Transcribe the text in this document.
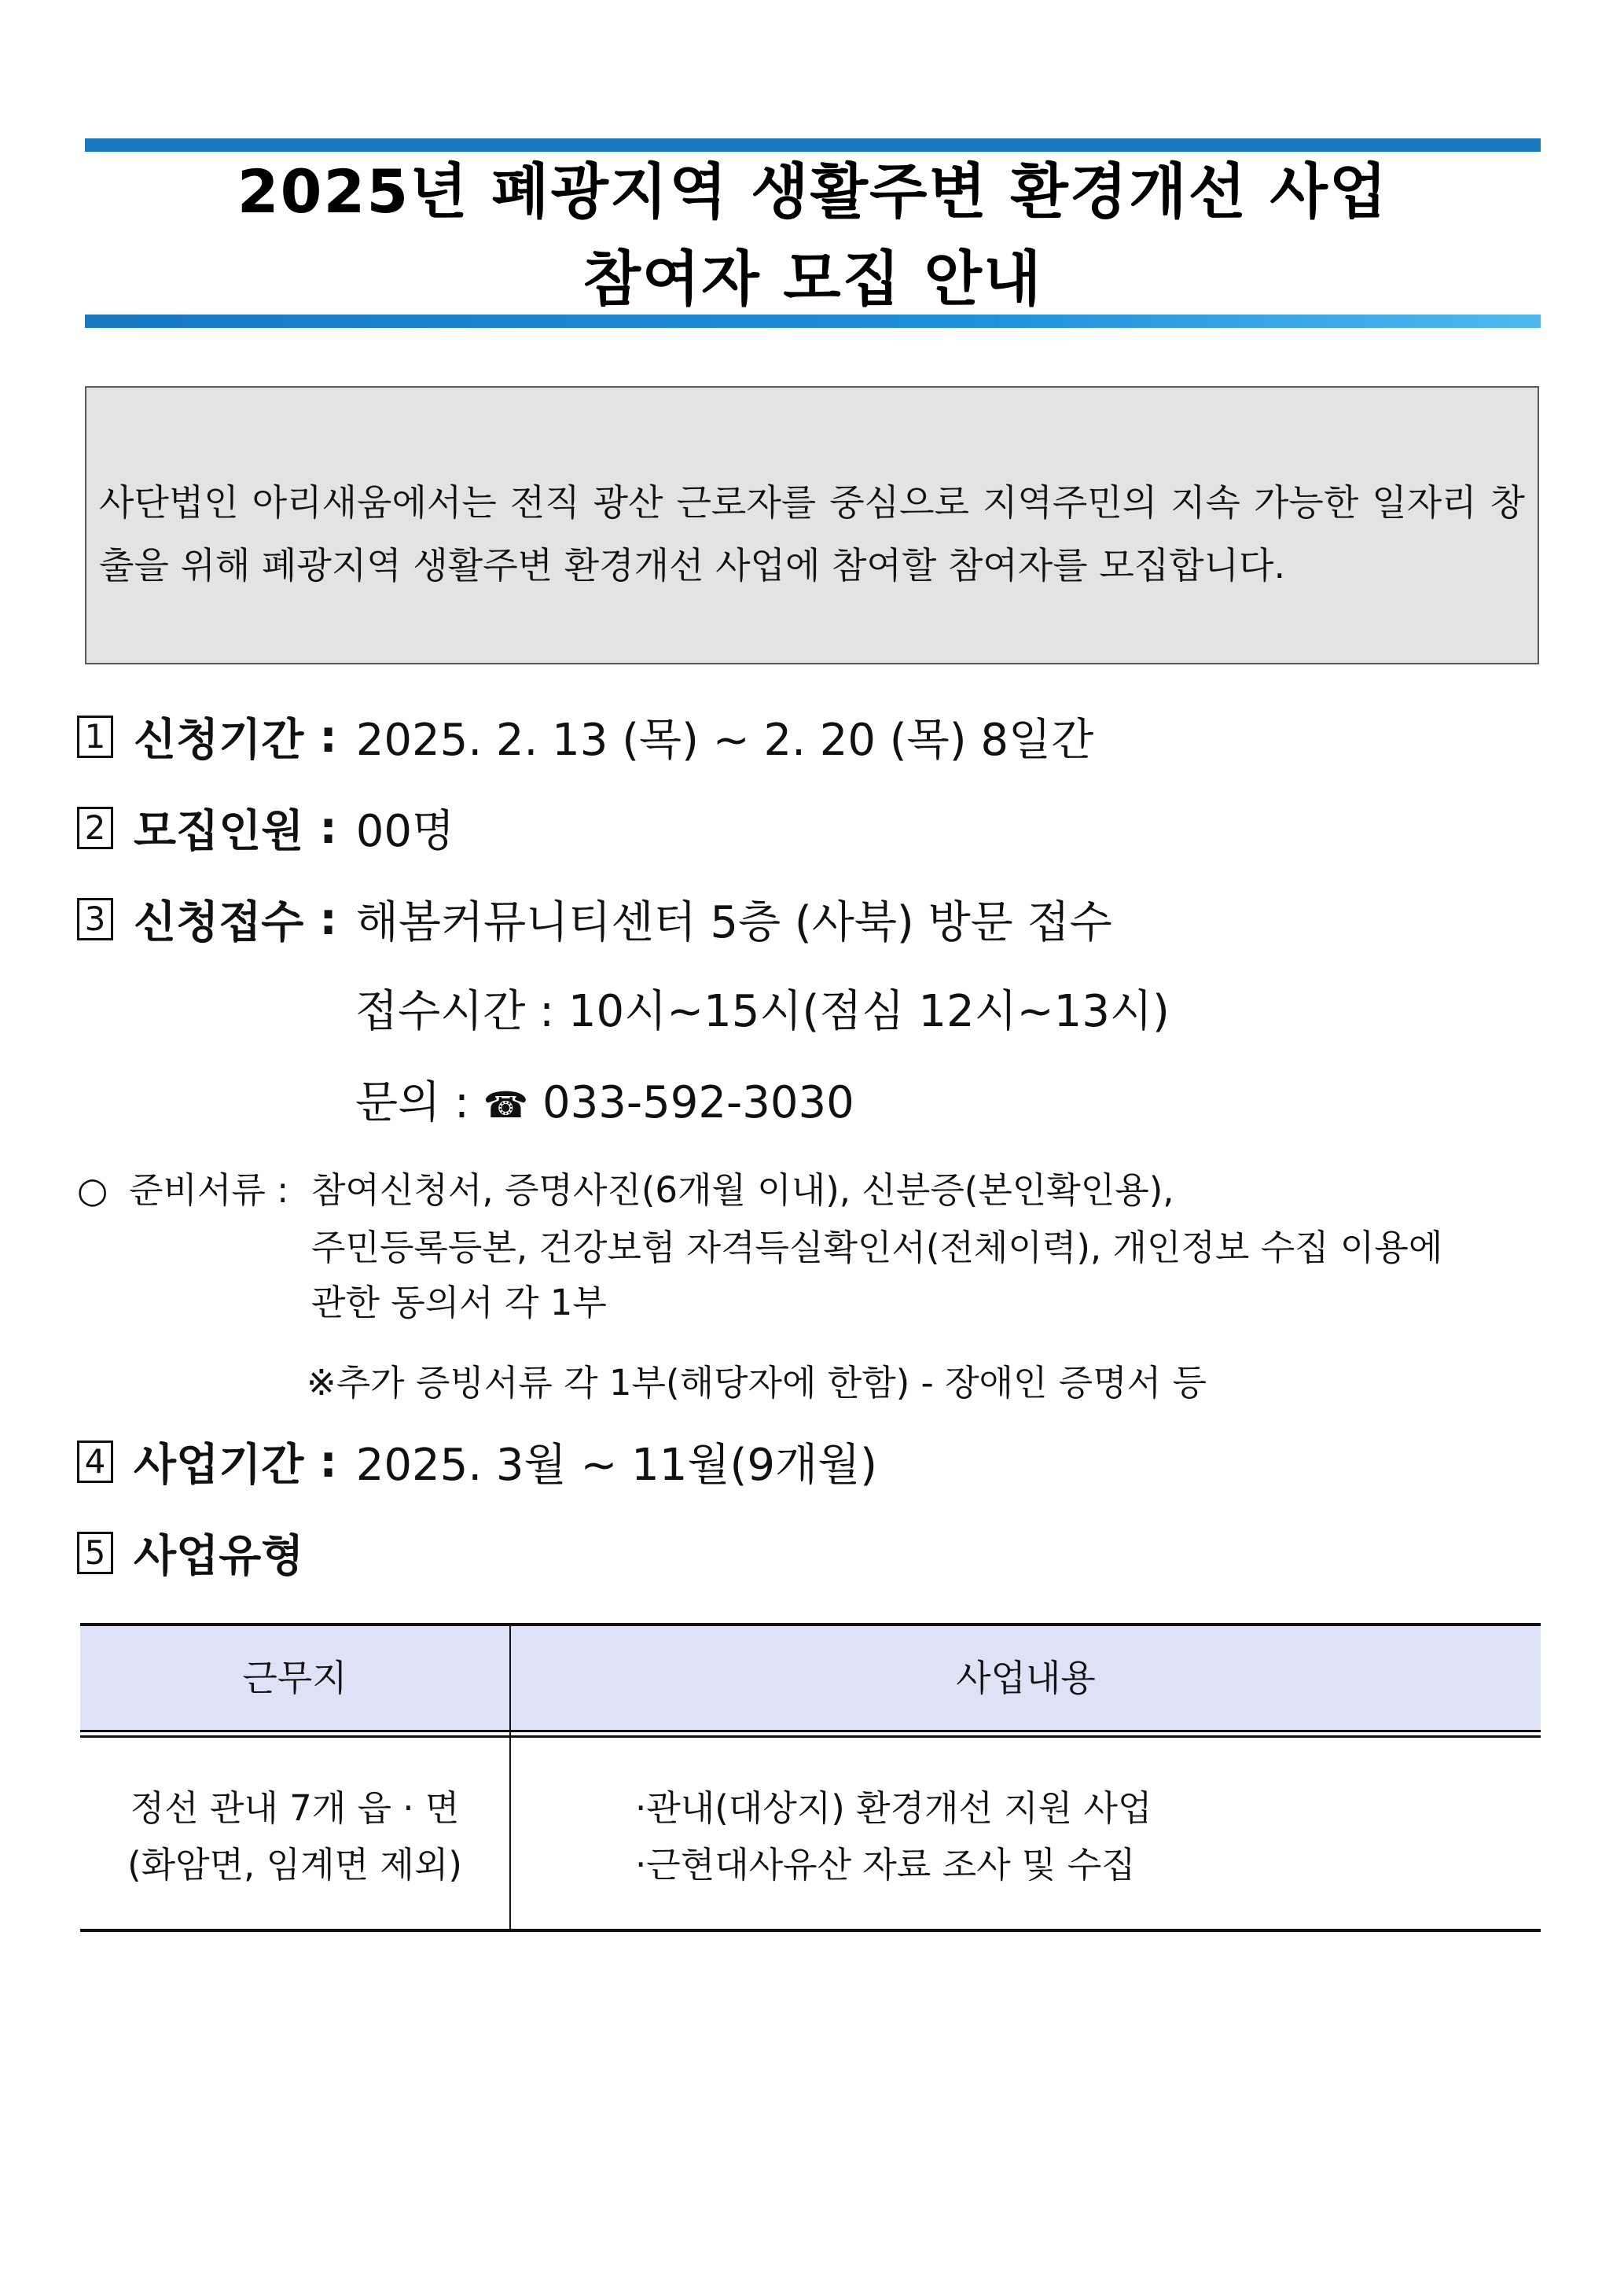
2025년 폐광지역 생활주변 환경개선 사업
참여자 모집 안내
사단법인 아리새움에서는 전직 광산 근로자를 중심으로 지역주민의 지속 가능한 일자리 창출을 위해 폐광지역 생활주변 환경개선 사업에 참여할 참여자를 모집합니다.
1 신청기간 : 2025. 2. 13 (목) ~ 2. 20 (목) 8일간
2 모집인원 : 00명
3 신청접수 : 해봄커뮤니티센터 5층 (사북) 방문 접수
접수시간 : 10시~15시(점심 12시~13시)
문의 : ☎ 033-592-3030
○ 준비서류 : 참여신청서, 증명사진(6개월 이내), 신분증(본인확인용),
주민등록등본, 건강보험 자격득실확인서(전체이력), 개인정보 수집 이용에
관한 동의서 각 1부
※추가 증빙서류 각 1부(해당자에 한함) - 장애인 증명서 등
4 사업기간 : 2025. 3월 ~ 11월(9개월)
5 사업유형
근무지	사업내용
정선 관내 7개 읍 · 면
(화암면, 임계면 제외)
·관내(대상지) 환경개선 지원 사업
·근현대사유산 자료 조사 및 수집
